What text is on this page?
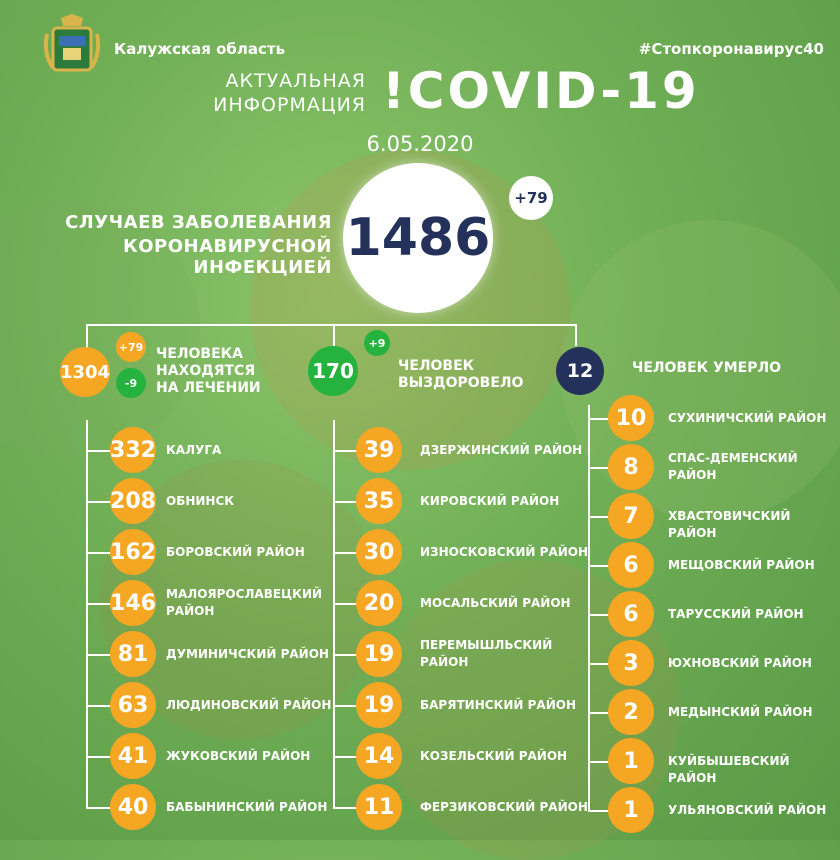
Калужская область	#Стопкоронавирус40
АКТУАЛЬНАЯ
ИНФОРМАЦИЯ !COVID-19
6.05.2020
СЛУЧАЕВ ЗАБОЛЕВАНИЯ
КОРОНАВИРУСНОЙ ИНФЕКЦИЕЙ 1486
+79
1304
+79
-9
ЧЕЛОВЕКА
НАХОДЯТСЯ
НА ЛЕЧЕНИИ
170
+9
ЧЕЛОВЕК
ВЫЗДОРОВЕЛО
12	ЧЕЛОВЕК УМЕРЛО
332 КАЛУГА
208 ОБНИНСК
162 БОРОВСКИЙ РАЙОН
146 МАЛОЯРОСЛАВЕЦКИЙ
РАЙОН
81	ДУМИНИЧСКИЙ РАЙОН
63	ЛЮДИНОВСКИЙ РАЙОН
41	ЖУКОВСКИЙ РАЙОН
40	БАБЫНИНСКИЙ РАЙОН
39	ДЗЕРЖИНСКИЙ РАЙОН
35	КИРОВСКИЙ РАЙОН
30	ИЗНОСКОВСКИЙ РАЙОН
20	МОСАЛЬСКИЙ РАЙОН
19	ПЕРЕМЫШЛЬСКИЙ
РАЙОН
19	БАРЯТИНСКИЙ РАЙОН
14	КОЗЕЛЬСКИЙ РАЙОН
11	ФЕРЗИКОВСКИЙ РАЙОН
10	СУХИНИЧСКИЙ РАЙОН
8	СПАС-ДЕМЕНСКИЙ
РАЙОН
7	ХВАСТОВИЧСКИЙ РАЙОН
6	МЕЩОВСКИЙ РАЙОН
6	ТАРУССКИЙ РАЙОН
3	ЮХНОВСКИЙ РАЙОН
2	МЕДЫНСКИЙ РАЙОН
1	КУЙБЫШЕВСКИЙ РАЙОН
1	УЛЬЯНОВСКИЙ РАЙОН
